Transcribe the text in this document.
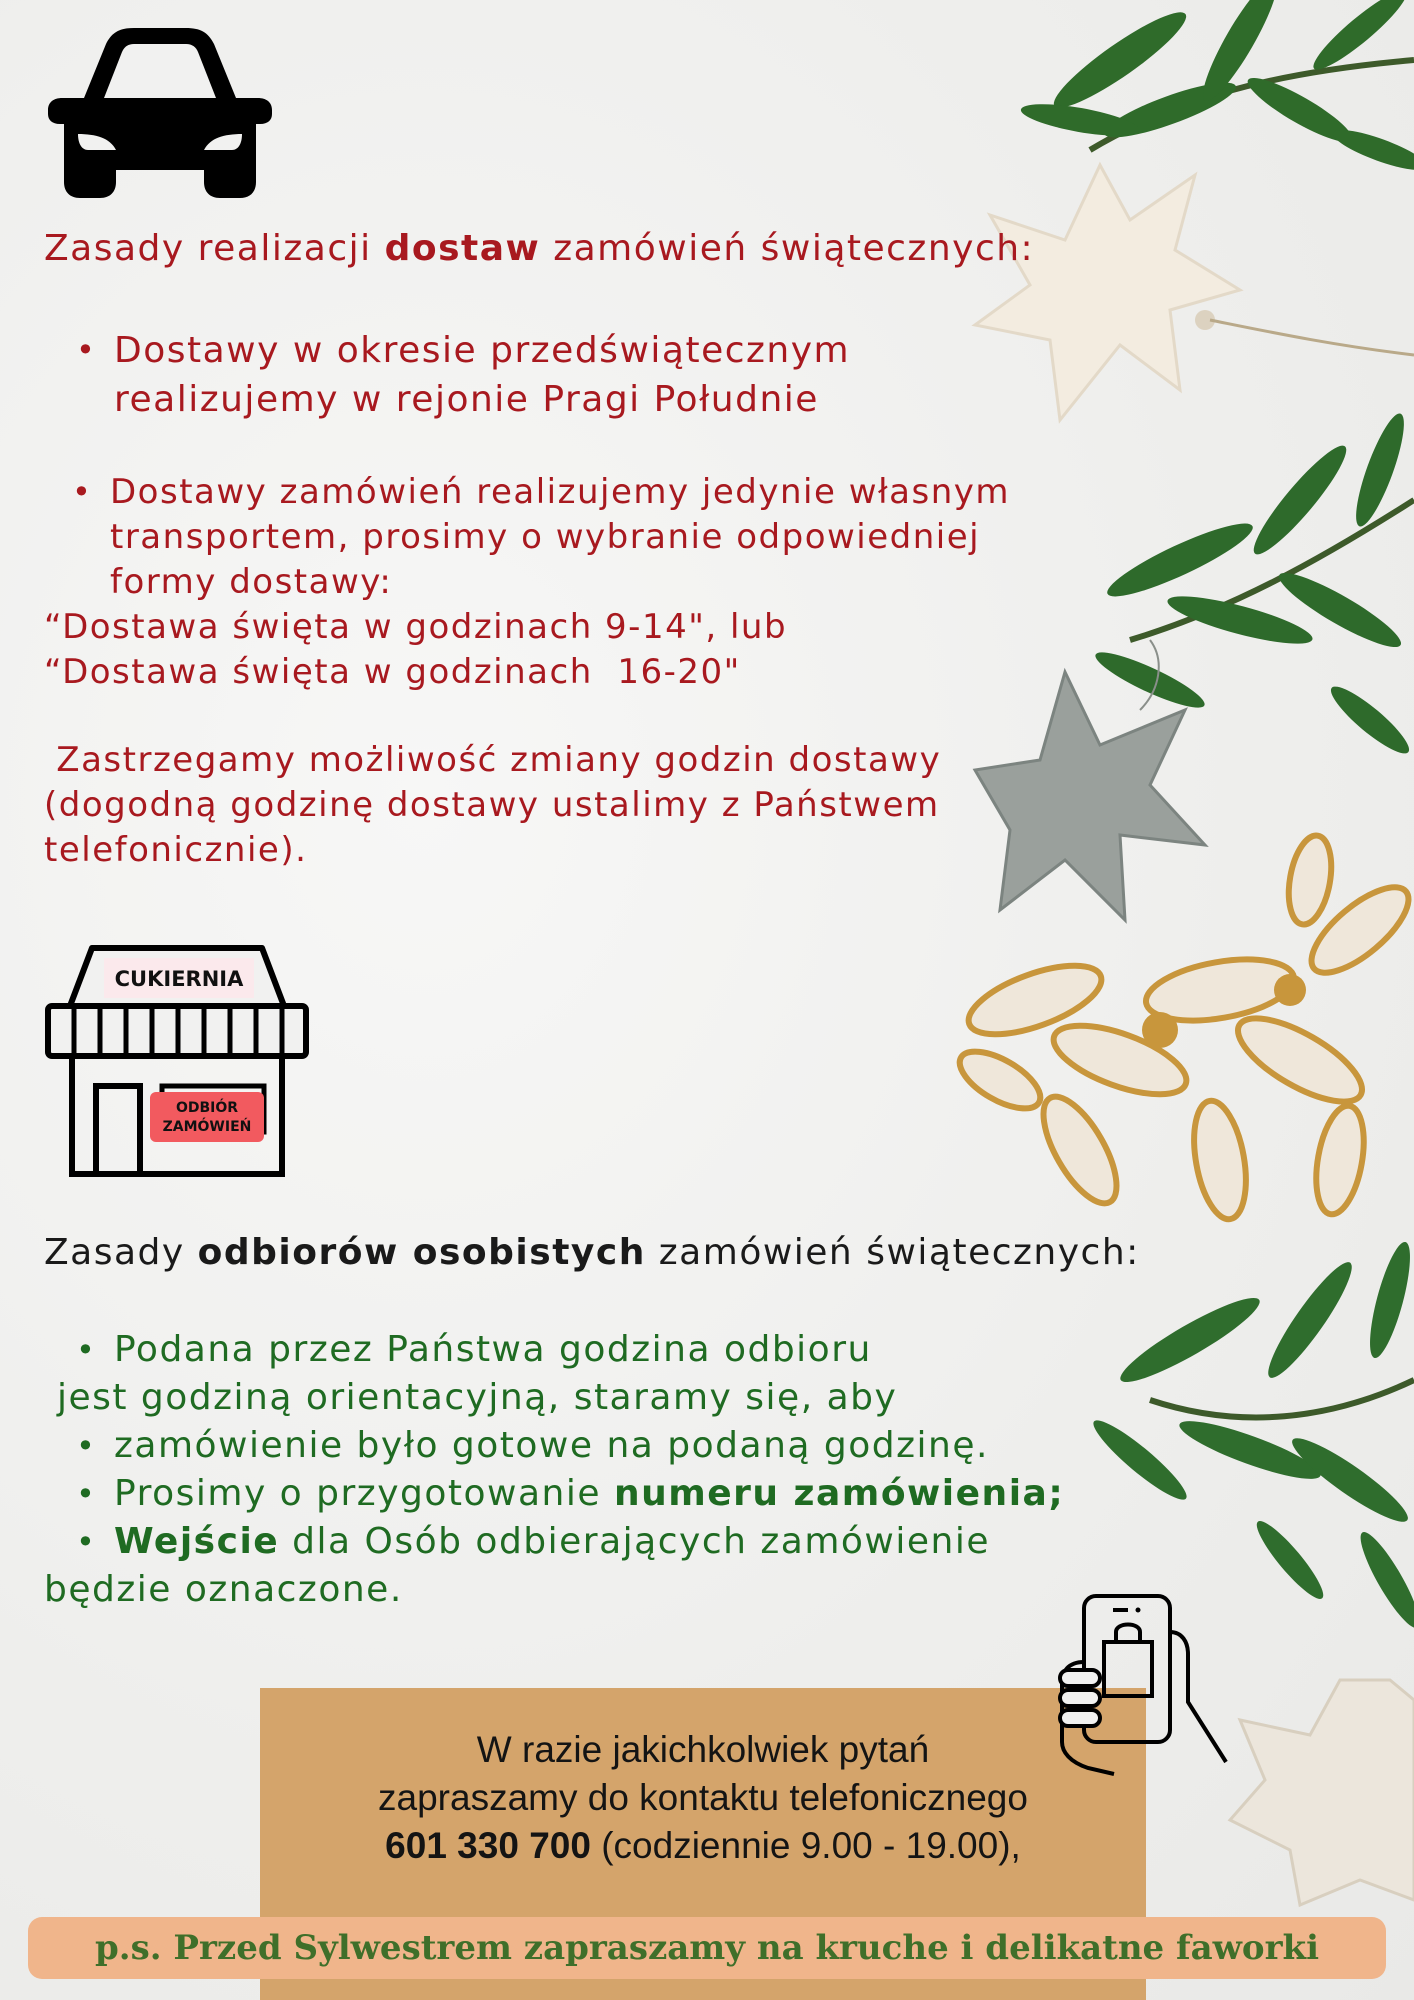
Zasady realizacji dostaw zamówień świątecznych:
• Dostawy w okresie przedświątecznym
realizujemy w rejonie Pragi Południe
• Dostawy zamówień realizujemy jedynie własnym
transportem, prosimy o wybranie odpowiedniej
formy dostawy:
“Dostawa święta w godzinach 9-14", lub
“Dostawa święta w godzinach  16-20"
Zastrzegamy możliwość zmiany godzin dostawy
(dogodną godzinę dostawy ustalimy z Państwem
telefonicznie).
CUKIERNIA
ODBIÓR
ZAMÓWIEŃ
Zasady odbiorów osobistych zamówień świątecznych:
• Podana przez Państwa godzina odbioru
jest godziną orientacyjną, staramy się, aby
• zamówienie było gotowe na podaną godzinę.
• Prosimy o przygotowanie numeru zamówienia;
• Wejście dla Osób odbierających zamówienie
będzie oznaczone.
W razie jakichkolwiek pytań
zapraszamy do kontaktu telefonicznego
601 330 700 (codziennie 9.00 - 19.00),
p.s. Przed Sylwestrem zapraszamy na kruche i delikatne faworki
